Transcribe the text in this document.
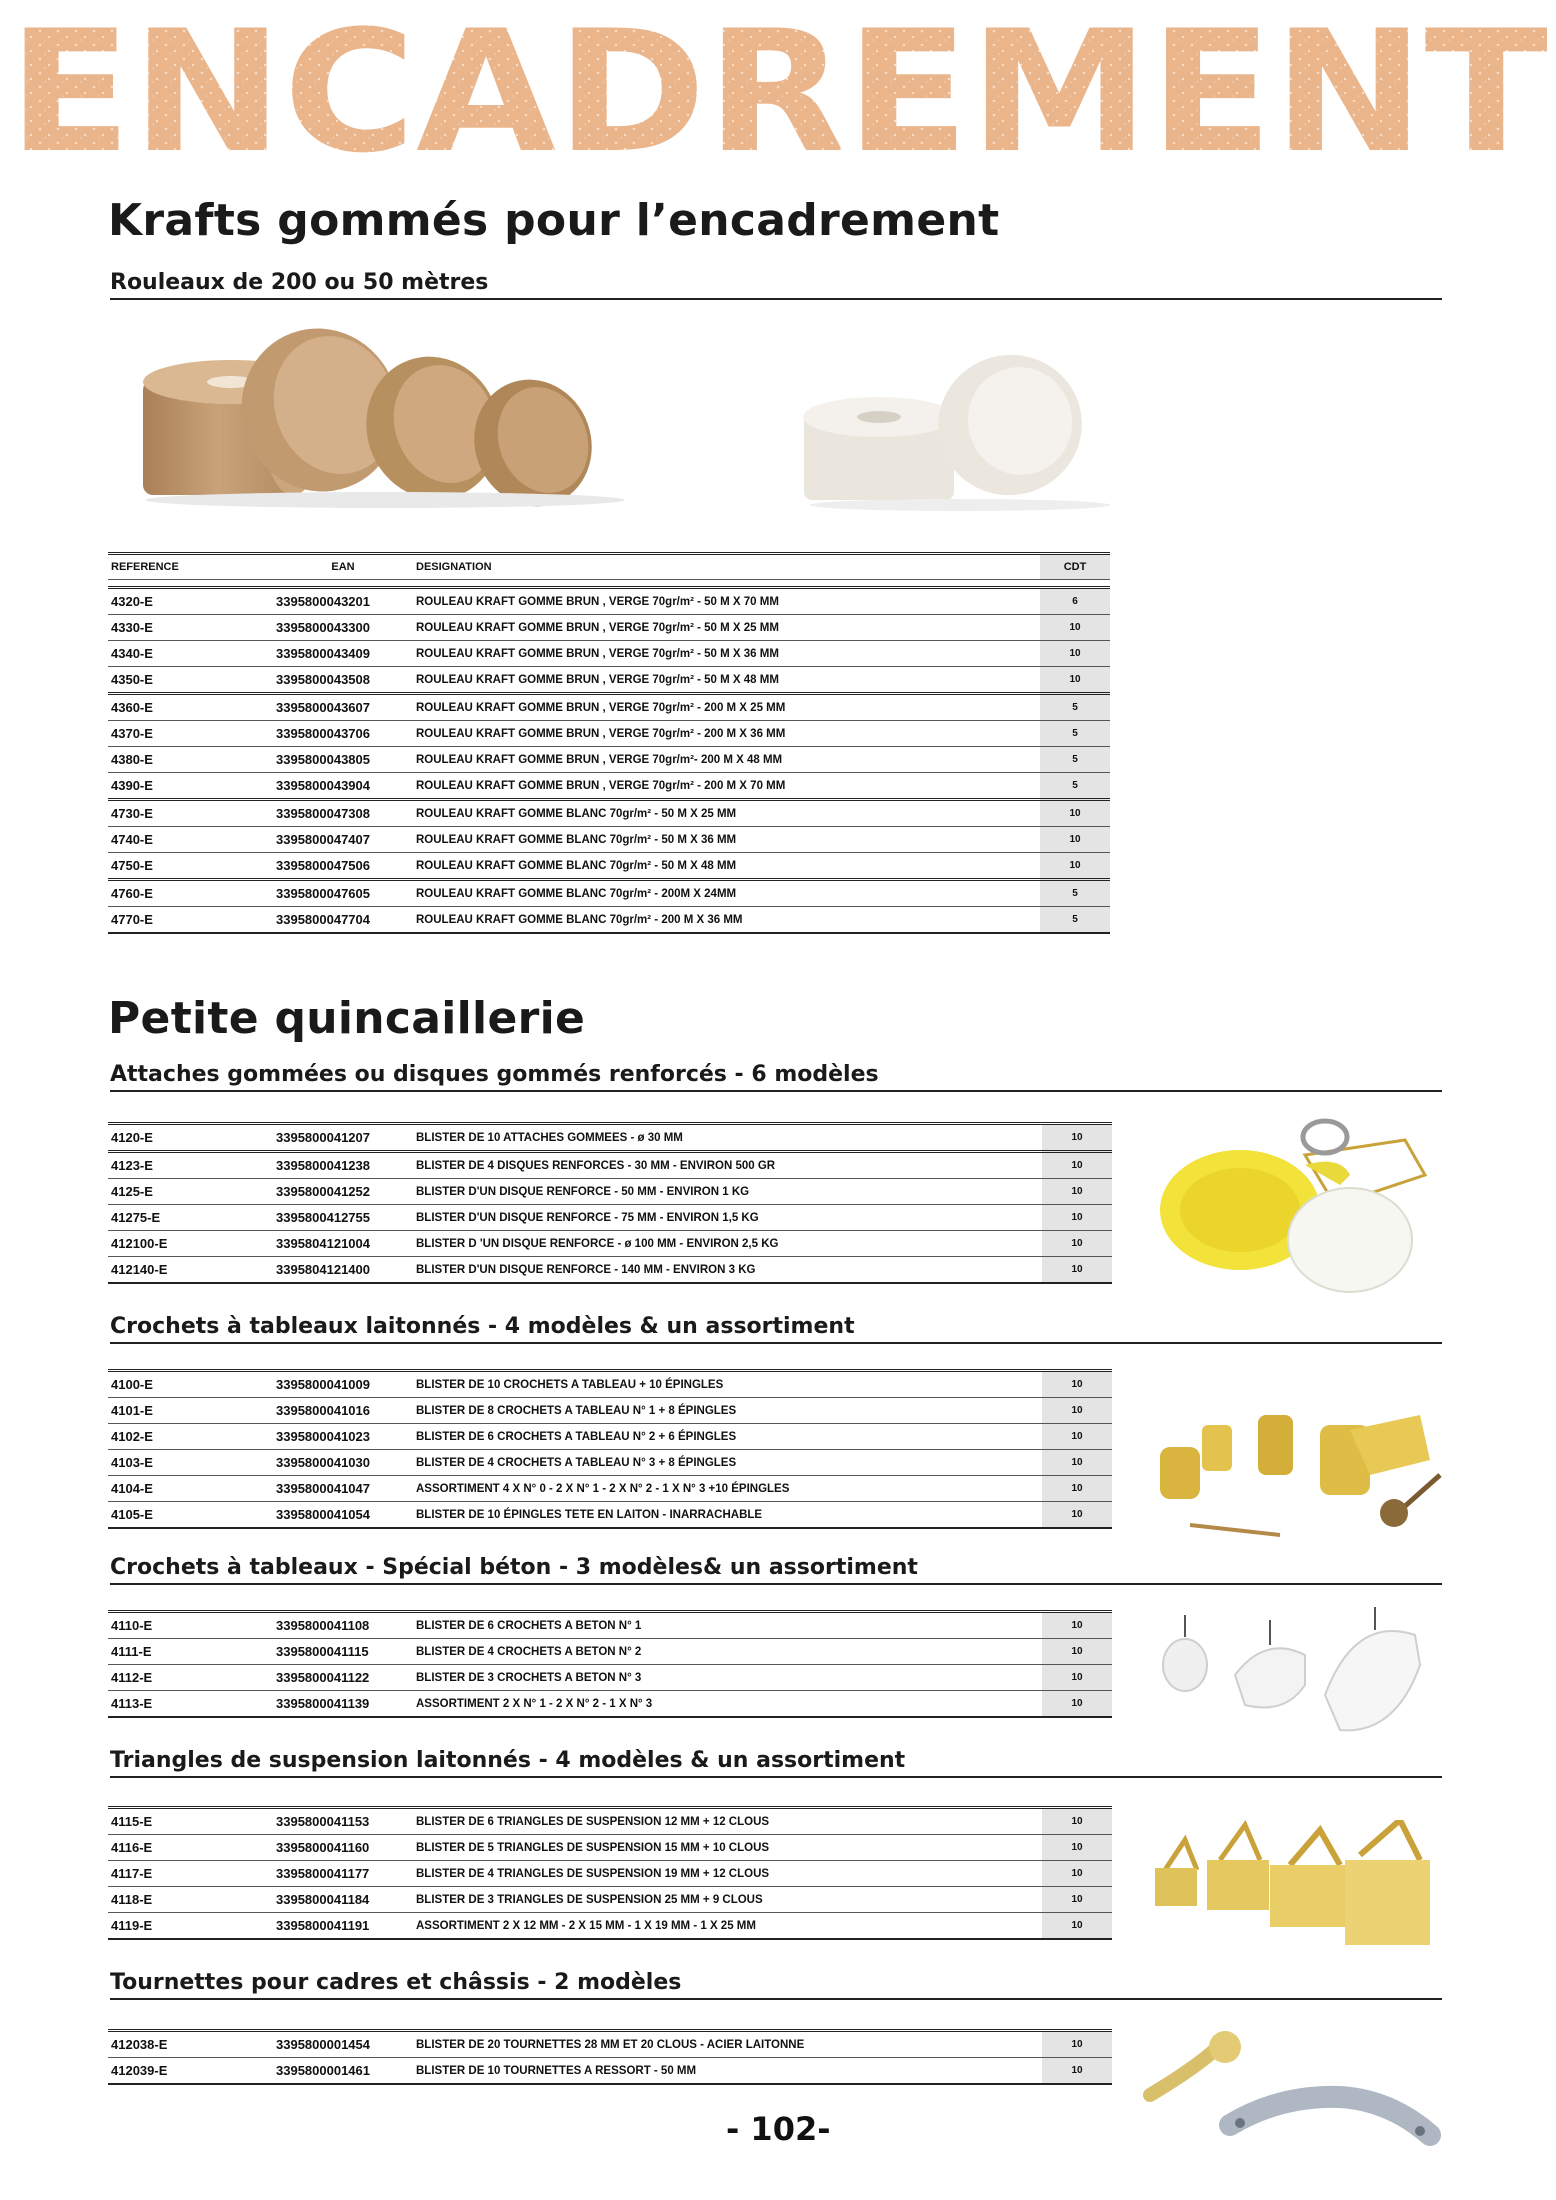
ENCADREMENT
Krafts gommés pour l’encadrement
Rouleaux de 200 ou 50 mètres
REFERENCE	EAN	DESIGNATION	CDT

4320-E	3395800043201	ROULEAU KRAFT GOMME BRUN , VERGE 70gr/m² - 50 M X 70 MM	6
4330-E	3395800043300	ROULEAU KRAFT GOMME BRUN , VERGE 70gr/m² - 50 M X 25 MM	10
4340-E	3395800043409	ROULEAU KRAFT GOMME BRUN , VERGE 70gr/m² - 50 M X 36 MM	10
4350-E	3395800043508	ROULEAU KRAFT GOMME BRUN , VERGE 70gr/m² - 50 M X 48 MM	10
4360-E	3395800043607	ROULEAU KRAFT GOMME BRUN , VERGE 70gr/m² - 200 M X 25 MM	5
4370-E	3395800043706	ROULEAU KRAFT GOMME BRUN , VERGE 70gr/m² - 200 M X 36 MM	5
4380-E	3395800043805	ROULEAU KRAFT GOMME BRUN , VERGE 70gr/m²- 200 M X 48 MM	5
4390-E	3395800043904	ROULEAU KRAFT GOMME BRUN , VERGE 70gr/m² - 200 M X 70 MM	5
4730-E	3395800047308	ROULEAU KRAFT GOMME BLANC 70gr/m² - 50 M X 25 MM	10
4740-E	3395800047407	ROULEAU KRAFT GOMME BLANC 70gr/m² - 50 M X 36 MM	10
4750-E	3395800047506	ROULEAU KRAFT GOMME BLANC 70gr/m² - 50 M X 48 MM	10
4760-E	3395800047605	ROULEAU KRAFT GOMME BLANC 70gr/m² - 200M X 24MM	5
4770-E	3395800047704	ROULEAU KRAFT GOMME BLANC 70gr/m² - 200 M X 36 MM	5
Petite quincaillerie
Attaches gommées ou disques gommés renforcés - 6 modèles
4120-E	3395800041207	BLISTER DE 10 ATTACHES GOMMEES - ø 30 MM	10
4123-E	3395800041238	BLISTER DE 4 DISQUES RENFORCES - 30 MM - ENVIRON 500 GR	10
4125-E	3395800041252	BLISTER D'UN DISQUE RENFORCE - 50 MM - ENVIRON 1 KG	10
41275-E	3395800412755	BLISTER D'UN DISQUE RENFORCE - 75 MM - ENVIRON 1,5 KG	10
412100-E	3395804121004	BLISTER D 'UN DISQUE RENFORCE - ø 100 MM - ENVIRON 2,5 KG	10
412140-E	3395804121400	BLISTER D'UN DISQUE RENFORCE - 140 MM - ENVIRON 3 KG	10
Crochets à tableaux laitonnés - 4 modèles & un assortiment
4100-E	3395800041009	BLISTER DE 10 CROCHETS A TABLEAU + 10 ÉPINGLES	10
4101-E	3395800041016	BLISTER DE 8 CROCHETS A TABLEAU N° 1 + 8 ÉPINGLES	10
4102-E	3395800041023	BLISTER DE 6 CROCHETS A TABLEAU N° 2 + 6 ÉPINGLES	10
4103-E	3395800041030	BLISTER DE 4 CROCHETS A TABLEAU N° 3 + 8 ÉPINGLES	10
4104-E	3395800041047	ASSORTIMENT 4 X N° 0 - 2 X N° 1 - 2 X N° 2 - 1 X N° 3 +10 ÉPINGLES	10
4105-E	3395800041054	BLISTER DE 10 ÉPINGLES TETE EN LAITON - INARRACHABLE	10
Crochets à tableaux - Spécial béton - 3 modèles& un assortiment
4110-E	3395800041108	BLISTER DE 6 CROCHETS A BETON N° 1	10
4111-E	3395800041115	BLISTER DE 4 CROCHETS A BETON N° 2	10
4112-E	3395800041122	BLISTER DE 3 CROCHETS A BETON N° 3	10
4113-E	3395800041139	ASSORTIMENT 2 X N° 1 - 2 X N° 2 - 1 X N° 3	10
Triangles de suspension laitonnés - 4 modèles & un assortiment
4115-E	3395800041153	BLISTER DE 6 TRIANGLES DE SUSPENSION 12 MM + 12 CLOUS	10
4116-E	3395800041160	BLISTER DE 5 TRIANGLES DE SUSPENSION 15 MM + 10 CLOUS	10
4117-E	3395800041177	BLISTER DE 4 TRIANGLES DE SUSPENSION 19 MM + 12 CLOUS	10
4118-E	3395800041184	BLISTER DE 3 TRIANGLES DE SUSPENSION 25 MM + 9 CLOUS	10
4119-E	3395800041191	ASSORTIMENT 2 X 12 MM - 2 X 15 MM - 1 X 19 MM - 1 X 25 MM	10
Tournettes pour cadres et châssis - 2 modèles
412038-E	3395800001454	BLISTER DE 20 TOURNETTES 28 MM ET 20 CLOUS - ACIER LAITONNE	10
412039-E	3395800001461	BLISTER DE 10 TOURNETTES A RESSORT - 50 MM	10
- 102-
